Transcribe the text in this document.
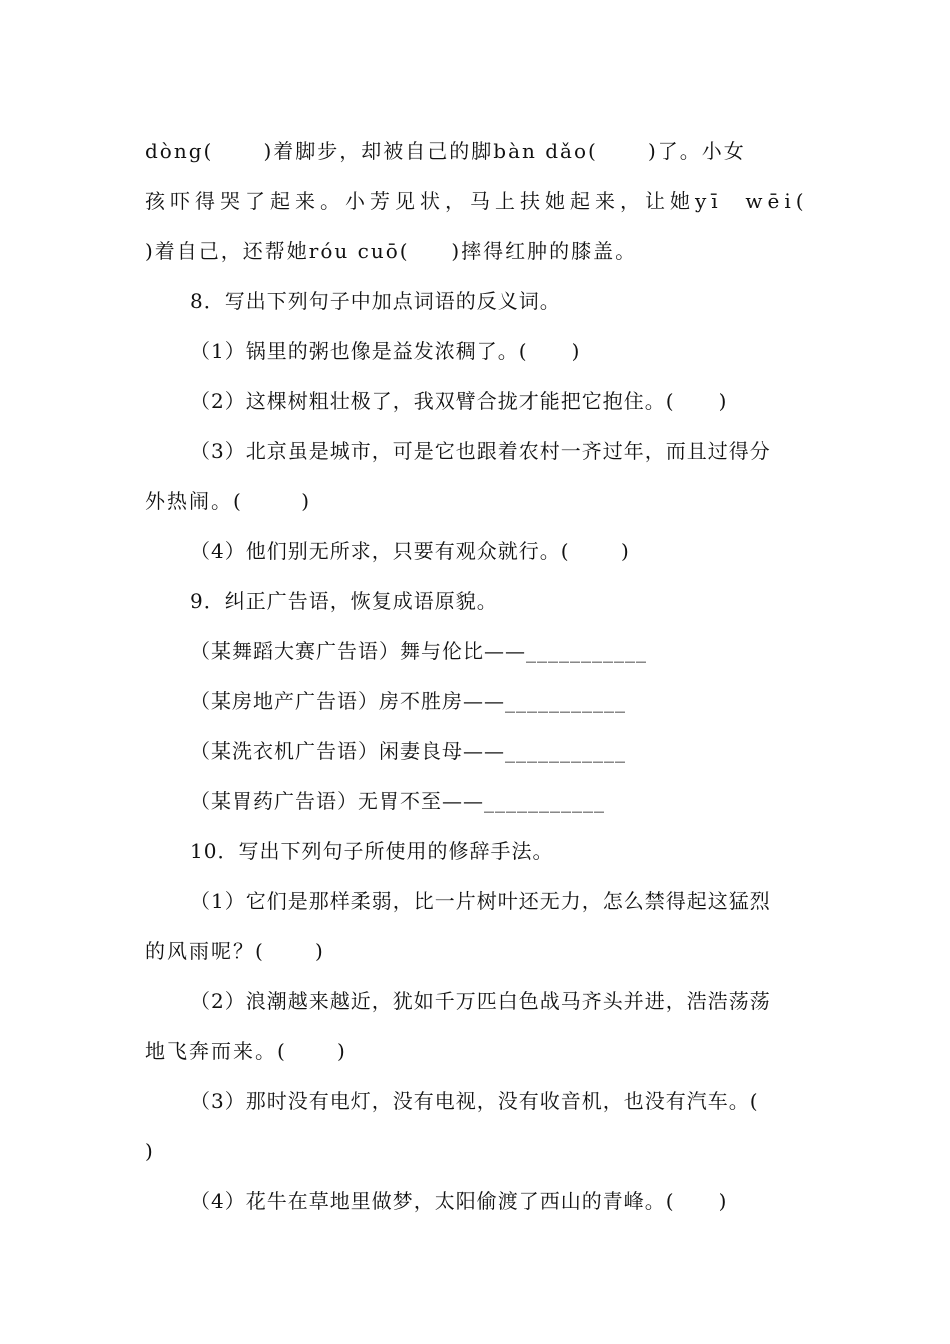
dòng(      )着脚步，却被自己的脚bàn dǎo(      )了。小女
孩吓得哭了起来。小芳见状，马上扶她起来，让她yī  wēi(
)着自己，还帮她róu cuō(     )摔得红肿的膝盖。
8．写出下列句子中加点词语的反义词。
（1）锅里的粥也像是益发浓稠了。(      )
（2）这棵树粗壮极了，我双臂合拢才能把它抱住。(      )
（3）北京虽是城市，可是它也跟着农村一齐过年，而且过得分
外热闹。(       )
（4）他们别无所求，只要有观众就行。(       )
9．纠正广告语，恢复成语原貌。
（某舞蹈大赛广告语）舞与伦比——___________
（某房地产广告语）房不胜房——___________
（某洗衣机广告语）闲妻良母——___________
（某胃药广告语）无胃不至——___________
10．写出下列句子所使用的修辞手法。
（1）它们是那样柔弱，比一片树叶还无力，怎么禁得起这猛烈
的风雨呢？(      )
（2）浪潮越来越近，犹如千万匹白色战马齐头并进，浩浩荡荡
地飞奔而来。(      )
（3）那时没有电灯，没有电视，没有收音机，也没有汽车。(
)
（4）花牛在草地里做梦，太阳偷渡了西山的青峰。(      )
